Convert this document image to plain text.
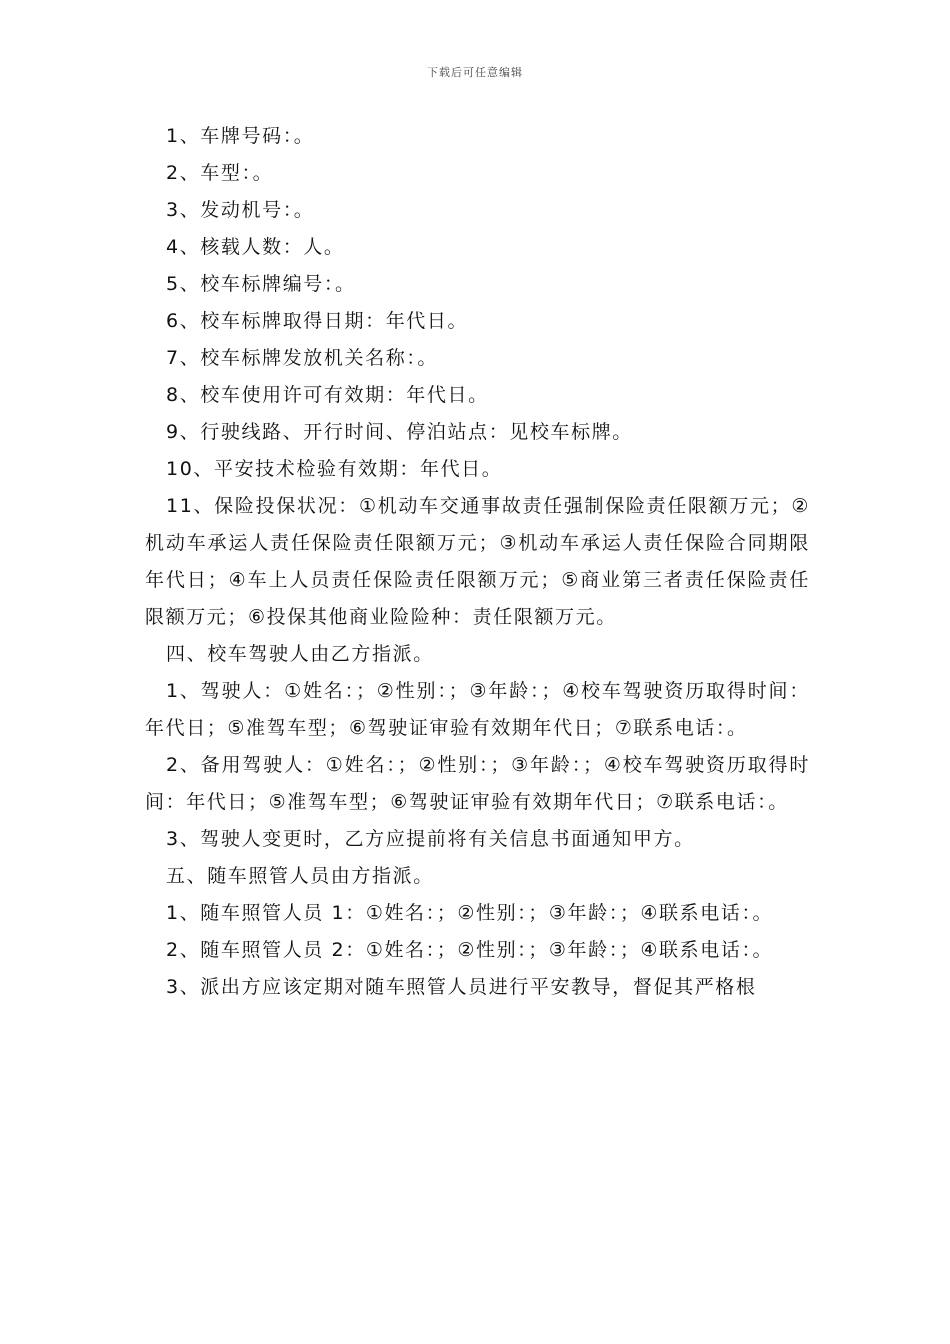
下载后可任意编辑

1、车牌号码：。

2、车型：。

3、发动机号：。

4、核载人数：人。

5、校车标牌编号：。

6、校车标牌取得日期：年代日。

7、校车标牌发放机关名称：。

8、校车使用许可有效期：年代日。

9、行驶线路、开行时间、停泊站点：见校车标牌。

10、平安技术检验有效期：年代日。

11、保险投保状况：①机动车交通事故责任强制保险责任限额万元；②机动车承运人责任保险责任限额万元；③机动车承运人责任保险合同期限年代日；④车上人员责任保险责任限额万元；⑤商业第三者责任保险责任限额万元；⑥投保其他商业险险种：责任限额万元。

四、校车驾驶人由乙方指派。

1、驾驶人：①姓名：；②性别：；③年龄：；④校车驾驶资历取得时间：年代日；⑤准驾车型；⑥驾驶证审验有效期年代日；⑦联系电话：。

2、备用驾驶人：①姓名：；②性别：；③年龄：；④校车驾驶资历取得时间：年代日；⑤准驾车型；⑥驾驶证审验有效期年代日；⑦联系电话：。

3、驾驶人变更时，乙方应提前将有关信息书面通知甲方。

五、随车照管人员由方指派。

1、随车照管人员 1：①姓名：；②性别：；③年龄：；④联系电话：。

2、随车照管人员 2：①姓名：；②性别：；③年龄：；④联系电话：。

3、派出方应该定期对随车照管人员进行平安教导，督促其严格根
